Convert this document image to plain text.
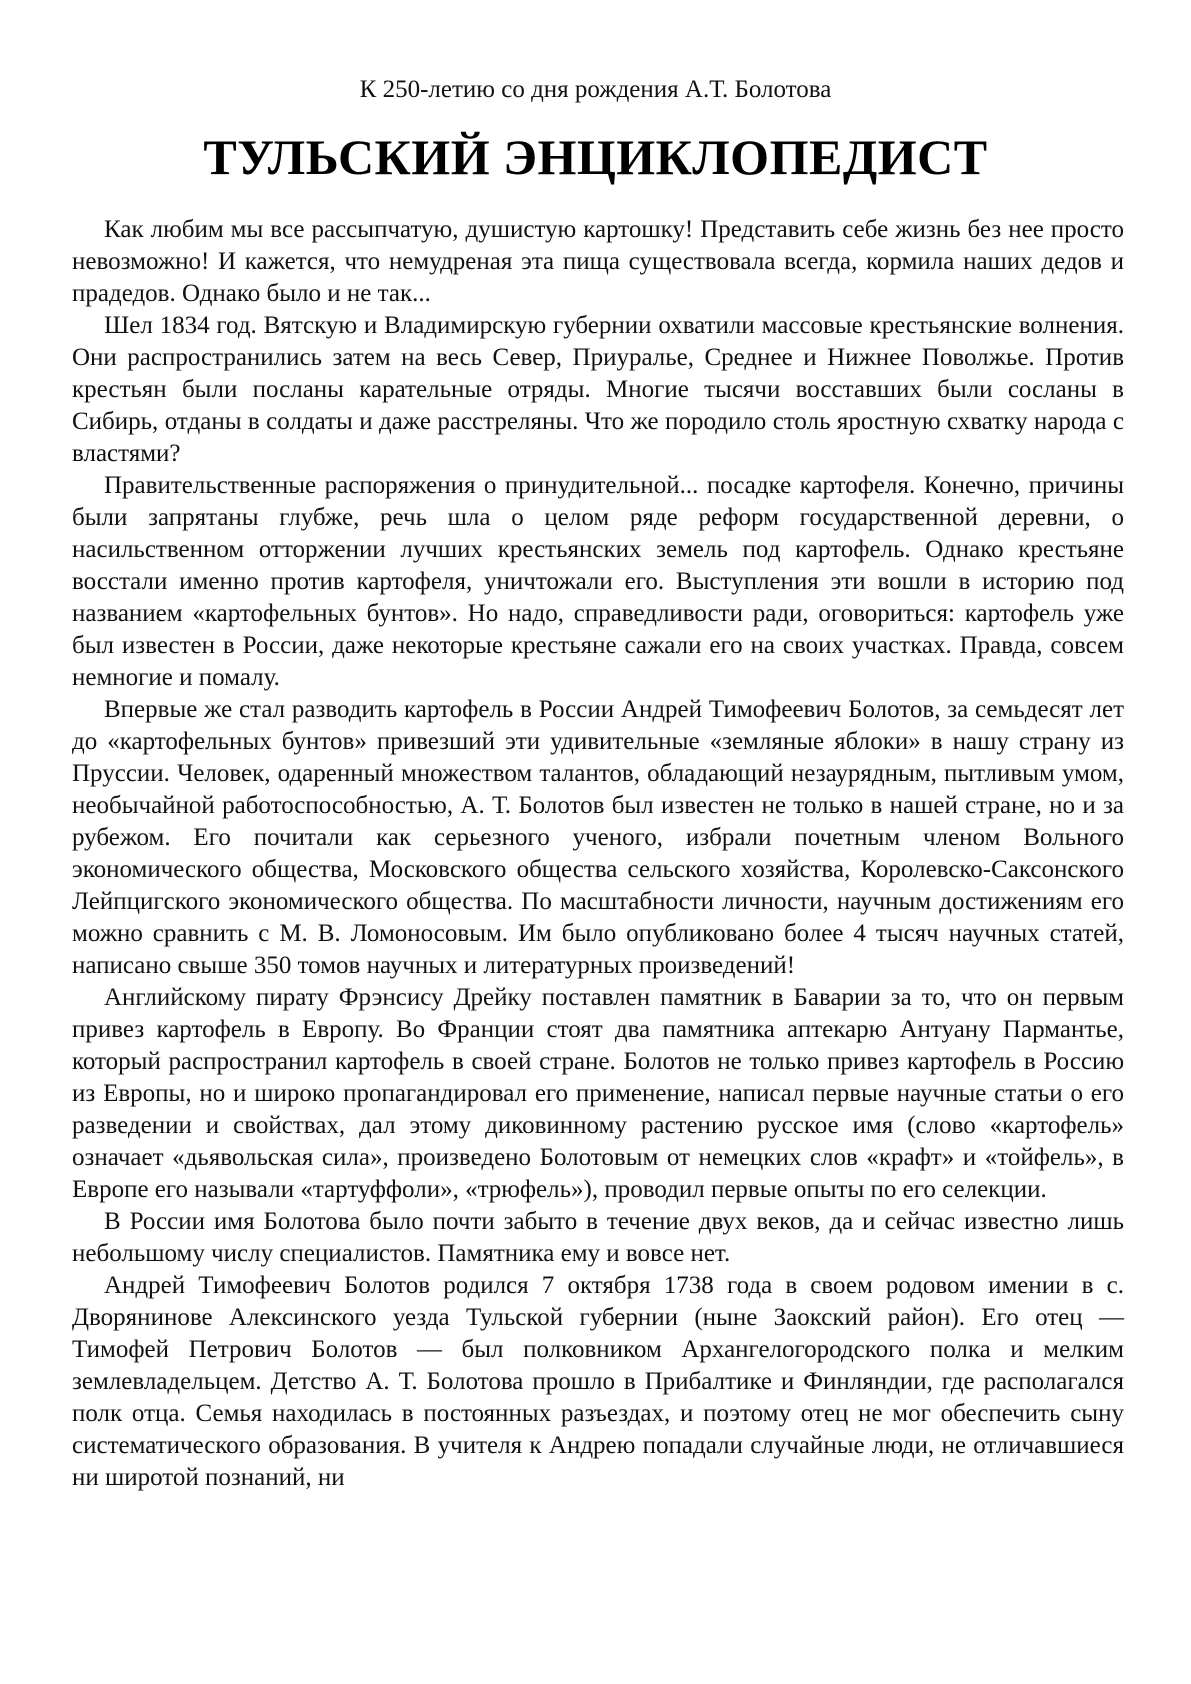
К 250-летию со дня рождения А.Т. Болотова
ТУЛЬСКИЙ ЭНЦИКЛОПЕДИСТ

Как любим мы все рассыпчатую, душистую картошку! Представить себе жизнь без нее просто невозможно! И кажется, что немудреная эта пища существовала всегда, кормила наших дедов и прадедов. Однако было и не так...

Шел 1834 год. Вятскую и Владимирскую губернии охватили массовые крестьянские волнения. Они распространились затем на весь Север, Приуралье, Среднее и Нижнее Поволжье. Против крестьян были посланы карательные отряды. Многие тысячи восставших были сосланы в Сибирь, отданы в солдаты и даже расстреляны. Что же породило столь яростную схватку народа с властями?

Правительственные распоряжения о принудительной... посадке картофеля. Конечно, причины были запрятаны глубже, речь шла о целом ряде реформ государственной деревни, о насильственном отторжении лучших крестьянских земель под картофель. Однако крестьяне восстали именно против картофеля, уничтожали его. Выступления эти вошли в историю под названием «картофельных бунтов». Но надо, справедливости ради, оговориться: картофель уже был известен в России, даже некоторые крестьяне сажали его на своих участках. Правда, совсем немногие и помалу.

Впервые же стал разводить картофель в России Андрей Тимофеевич Болотов, за семьдесят лет до «картофельных бунтов» привезший эти удивительные «земляные яблоки» в нашу страну из Пруссии. Человек, одаренный множеством талантов, обладающий незаурядным, пытливым умом, необычайной работоспособностью, А. Т. Болотов был известен не только в нашей стране, но и за рубежом. Его почитали как серьезного ученого, избрали почетным членом Вольного экономического общества, Московского общества сельского хозяйства, Королевско-Саксонского Лейпцигского экономического общества. По масштабности личности, научным достижениям его можно сравнить с М. В. Ломоносовым. Им было опубликовано более 4 тысяч научных статей, написано свыше 350 томов научных и литературных произведений!

Английскому пирату Фрэнсису Дрейку поставлен памятник в Баварии за то, что он первым привез картофель в Европу. Во Франции стоят два памятника аптекарю Антуану Пармантье, который распространил картофель в своей стране. Болотов не только привез картофель в Россию из Европы, но и широко пропагандировал его применение, написал первые научные статьи о его разведении и свойствах, дал этому диковинному растению русское имя (слово «картофель» означает «дьявольская сила», произведено Болотовым от немецких слов «крафт» и «тойфель», в Европе его называли «тартуффоли», «трюфель»), проводил первые опыты по его селекции.

В России имя Болотова было почти забыто в течение двух веков, да и сейчас известно лишь небольшому числу специалистов. Памятника ему и вовсе нет.

Андрей Тимофеевич Болотов родился 7 октября 1738 года в своем родовом имении в с. Дворянинове Алексинского уезда Тульской губернии (ныне Заокский район). Его отец — Тимофей Петрович Болотов — был полковником Архангелогородского полка и мелким землевладельцем. Детство А. Т. Болотова прошло в Прибалтике и Финляндии, где располагался полк отца. Семья находилась в постоянных разъездах, и поэтому отец не мог обеспечить сыну систематического образования. В учителя к Андрею попадали случайные люди, не отличавшиеся ни широтой познаний, ни
